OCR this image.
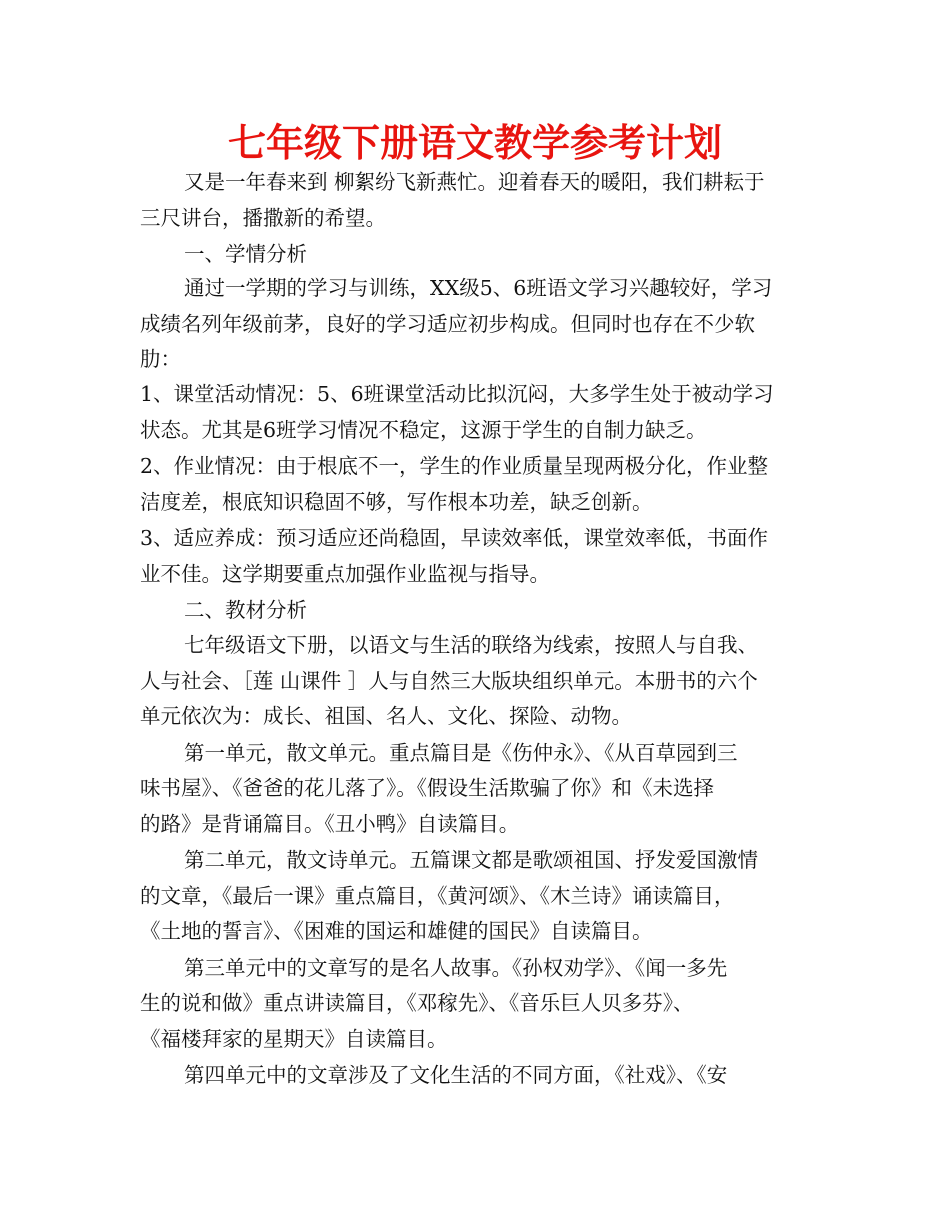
七年级下册语文教学参考计划
又是一年春来到 柳絮纷飞新燕忙。迎着春天的暖阳，我们耕耘于
三尺讲台，播撒新的希望。
一、学情分析
通过一学期的学习与训练，XX级5、6班语文学习兴趣较好，学习
成绩名列年级前茅，良好的学习适应初步构成。但同时也存在不少软
肋：
1、课堂活动情况：5、6班课堂活动比拟沉闷，大多学生处于被动学习
状态。尤其是6班学习情况不稳定，这源于学生的自制力缺乏。
2、作业情况：由于根底不一，学生的作业质量呈现两极分化，作业整
洁度差，根底知识稳固不够，写作根本功差，缺乏创新。
3、适应养成：预习适应还尚稳固，早读效率低，课堂效率低，书面作
业不佳。这学期要重点加强作业监视与指导。
二、教材分析
七年级语文下册，以语文与生活的联络为线索，按照人与自我、
人与社会、［莲 山课件 ］人与自然三大版块组织单元。本册书的六个
单元依次为：成长、祖国、名人、文化、探险、动物。
第一单元，散文单元。重点篇目是《伤仲永》、《从百草园到三
味书屋》、《爸爸的花儿落了》。《假设生活欺骗了你》和《未选择
的路》是背诵篇目。《丑小鸭》自读篇目。
第二单元，散文诗单元。五篇课文都是歌颂祖国、抒发爱国激情
的文章，《最后一课》重点篇目，《黄河颂》、《木兰诗》诵读篇目，
《土地的誓言》、《困难的国运和雄健的国民》自读篇目。
第三单元中的文章写的是名人故事。《孙权劝学》、《闻一多先
生的说和做》重点讲读篇目，《邓稼先》、《音乐巨人贝多芬》、
《福楼拜家的星期天》自读篇目。
第四单元中的文章涉及了文化生活的不同方面，《社戏》、《安
